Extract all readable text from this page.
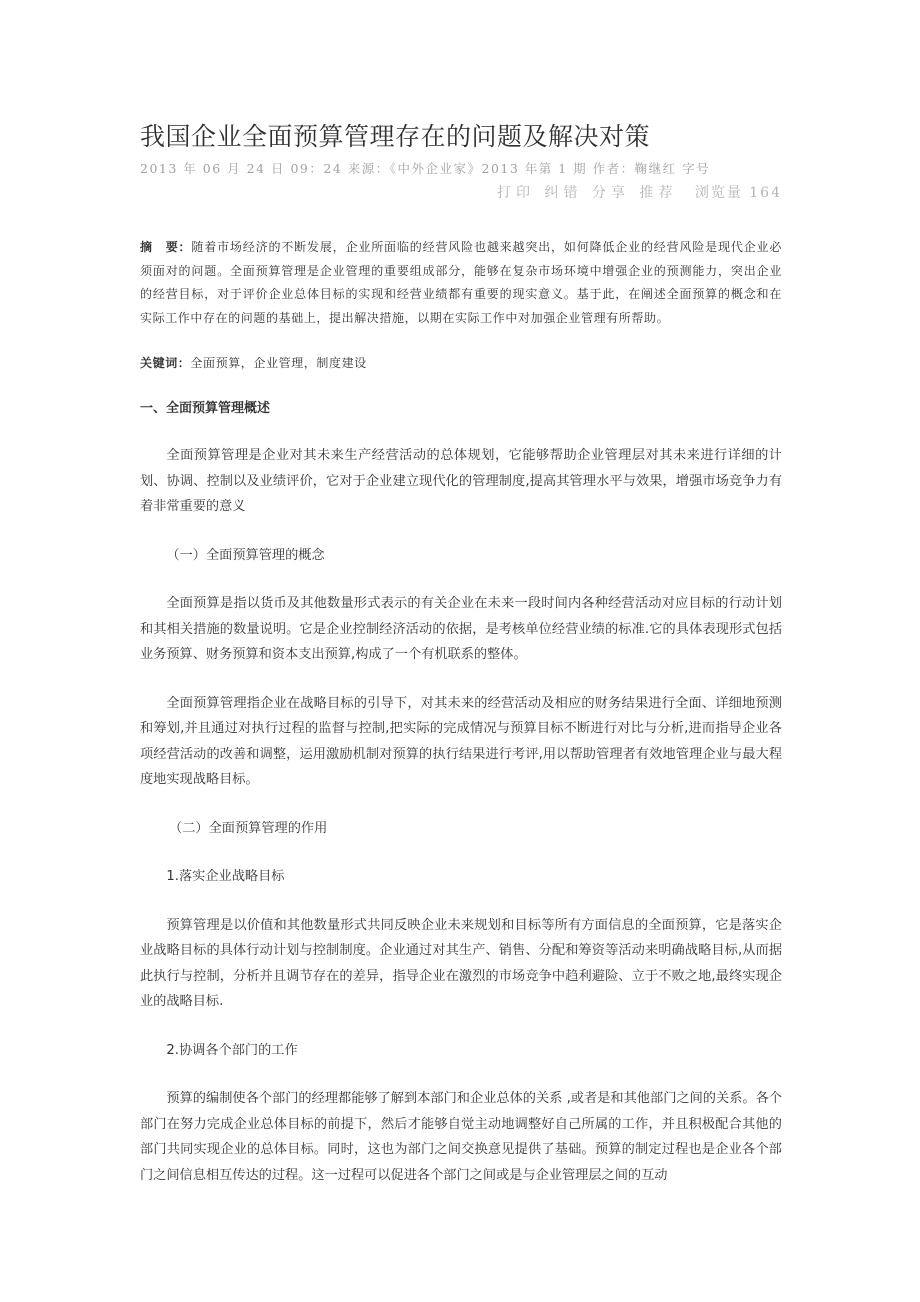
我国企业全面预算管理存在的问题及解决对策
2013 年 06 月 24 日 09：24 来源：《中外企业家》2013 年第 1 期 作者：鞠继红 字号
打印 纠错 分享 推荐 浏览量 164
摘　要：随着市场经济的不断发展，企业所面临的经营风险也越来越突出，如何降低企业的经营风险是现代企业必须面对的问题。全面预算管理是企业管理的重要组成部分，能够在复杂市场环境中增强企业的预测能力，突出企业的经营目标，对于评价企业总体目标的实现和经营业绩都有重要的现实意义。基于此，在阐述全面预算的概念和在实际工作中存在的问题的基础上，提出解决措施，以期在实际工作中对加强企业管理有所帮助。
关键词：全面预算，企业管理，制度建设
一、全面预算管理概述

全面预算管理是企业对其未来生产经营活动的总体规划，它能够帮助企业管理层对其未来进行详细的计划、协调、控制以及业绩评价，它对于企业建立现代化的管理制度,提高其管理水平与效果，增强市场竞争力有着非常重要的意义

（一）全面预算管理的概念

全面预算是指以货币及其他数量形式表示的有关企业在未来一段时间内各种经营活动对应目标的行动计划和其相关措施的数量说明。它是企业控制经济活动的依据，是考核单位经营业绩的标准.它的具体表现形式包括业务预算、财务预算和资本支出预算,构成了一个有机联系的整体。

全面预算管理指企业在战略目标的引导下，对其未来的经营活动及相应的财务结果进行全面、详细地预测和筹划,并且通过对执行过程的监督与控制,把实际的完成情况与预算目标不断进行对比与分析,进而指导企业各项经营活动的改善和调整，运用激励机制对预算的执行结果进行考评,用以帮助管理者有效地管理企业与最大程度地实现战略目标。

（二）全面预算管理的作用
1.落实企业战略目标

预算管理是以价值和其他数量形式共同反映企业未来规划和目标等所有方面信息的全面预算，它是落实企业战略目标的具体行动计划与控制制度。企业通过对其生产、销售、分配和筹资等活动来明确战略目标,从而据此执行与控制，分析并且调节存在的差异，指导企业在激烈的市场竞争中趋利避险、立于不败之地,最终实现企业的战略目标.

2.协调各个部门的工作

预算的编制使各个部门的经理都能够了解到本部门和企业总体的关系 ,或者是和其他部门之间的关系。各个部门在努力完成企业总体目标的前提下，然后才能够自觉主动地调整好自己所属的工作，并且积极配合其他的部门共同实现企业的总体目标。同时，这也为部门之间交换意见提供了基础。预算的制定过程也是企业各个部门之间信息相互传达的过程。这一过程可以促进各个部门之间或是与企业管理层之间的互动
